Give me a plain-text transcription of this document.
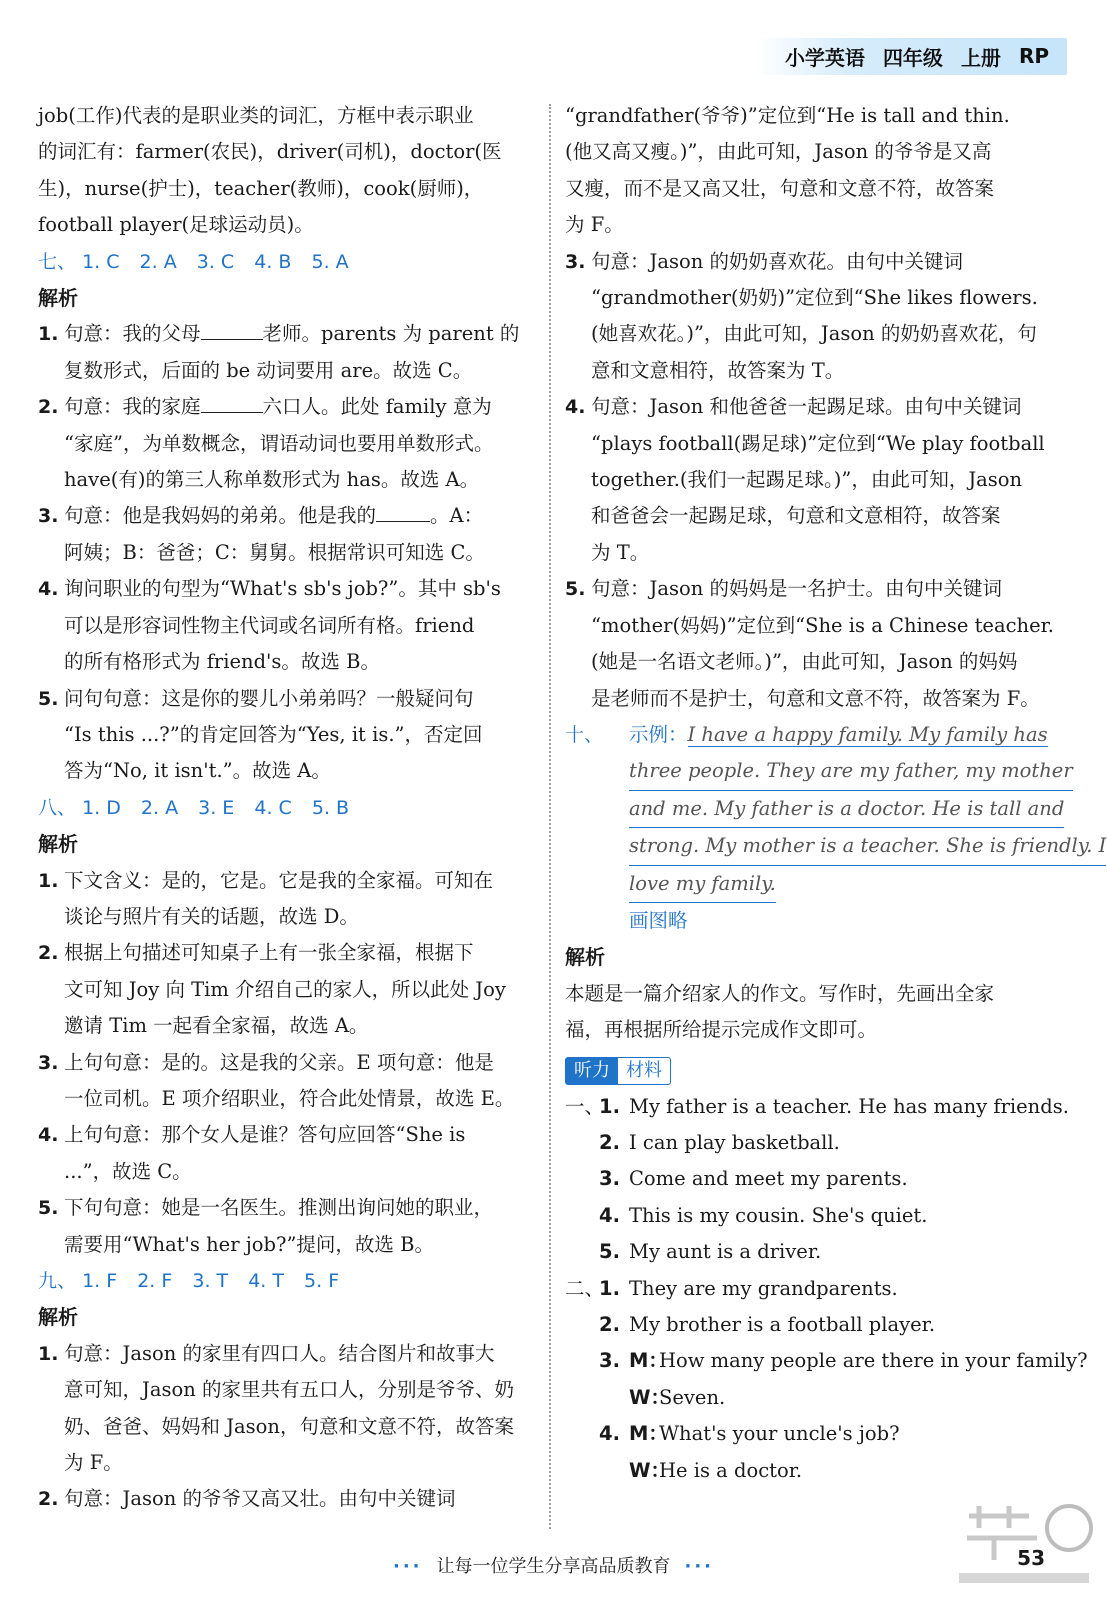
小学英语 四年级 上册 RP
job(工作)代表的是职业类的词汇，方框中表示职业
的词汇有：farmer(农民)，driver(司机)，doctor(医
生)，nurse(护士)，teacher(教师)，cook(厨师)，
football player(足球运动员)。
七、 1. C 2. A 3. C 4. B 5. A
解析
1. 句意：我的父母	老师。parents 为 parent 的
复数形式，后面的 be 动词要用 are。故选 C。
2. 句意：我的家庭	六口人。此处 family 意为
“家庭”，为单数概念，谓语动词也要用单数形式。
have(有)的第三人称单数形式为 has。故选 A。
3. 句意：他是我妈妈的弟弟。他是我的	。A：
阿姨；B：爸爸；C：舅舅。根据常识可知选 C。
4. 询问职业的句型为“What's sb's job?”。其中 sb's
可以是形容词性物主代词或名词所有格。friend
的所有格形式为 friend's。故选 B。
5. 问句句意：这是你的婴儿小弟弟吗？一般疑问句
“Is this ...?”的肯定回答为“Yes, it is.”，否定回
答为“No, it isn't.”。故选 A。
八、 1. D 2. A 3. E 4. C 5. B
解析
1. 下文含义：是的，它是。它是我的全家福。可知在
谈论与照片有关的话题，故选 D。
2. 根据上句描述可知桌子上有一张全家福，根据下
文可知 Joy 向 Tim 介绍自己的家人，所以此处 Joy
邀请 Tim 一起看全家福，故选 A。
3. 上句句意：是的。这是我的父亲。E 项句意：他是
一位司机。E 项介绍职业，符合此处情景，故选 E。
4. 上句句意：那个女人是谁？答句应回答“She is
...”，故选 C。
5. 下句句意：她是一名医生。推测出询问她的职业，
需要用“What's her job?”提问，故选 B。
九、 1. F 2. F 3. T 4. T 5. F
解析
1. 句意：Jason 的家里有四口人。结合图片和故事大
意可知，Jason 的家里共有五口人，分别是爷爷、奶
奶、爸爸、妈妈和 Jason，句意和文意不符，故答案
为 F。
2. 句意：Jason 的爷爷又高又壮。由句中关键词
“grandfather(爷爷)”定位到“He is tall and thin.
(他又高又瘦。)”，由此可知，Jason 的爷爷是又高
又瘦，而不是又高又壮，句意和文意不符，故答案
为 F。
3. 句意：Jason 的奶奶喜欢花。由句中关键词
“grandmother(奶奶)”定位到“She likes flowers.
(她喜欢花。)”，由此可知，Jason 的奶奶喜欢花，句
意和文意相符，故答案为 T。
4. 句意：Jason 和他爸爸一起踢足球。由句中关键词
“plays football(踢足球)”定位到“We play football
together.(我们一起踢足球。)”，由此可知，Jason
和爸爸会一起踢足球，句意和文意相符，故答案
为 T。
5. 句意：Jason 的妈妈是一名护士。由句中关键词
“mother(妈妈)”定位到“She is a Chinese teacher.
(她是一名语文老师。)”，由此可知，Jason 的妈妈
是老师而不是护士，句意和文意不符，故答案为 F。
十、	示例：I have a happy family. My family has
three people. They are my father, my mother
and me. My father is a doctor. He is tall and
strong. My mother is a teacher. She is friendly. I
love my family.
画图略
解析
本题是一篇介绍家人的作文。写作时，先画出全家
福，再根据所给提示完成作文即可。
听力 材料
一、
1. My father is a teacher. He has many friends.
2. I can play basketball.
3. Come and meet my parents.
4. This is my cousin. She's quiet.
5. My aunt is a driver.
二、
1. They are my grandparents.
2. My brother is a football player.
3. M：
How many people are there in your family?
W：
Seven.
4. M：
What's your uncle's job?
W：
He is a doctor.
··· 让每一位学生分享高品质教育 ···	53
